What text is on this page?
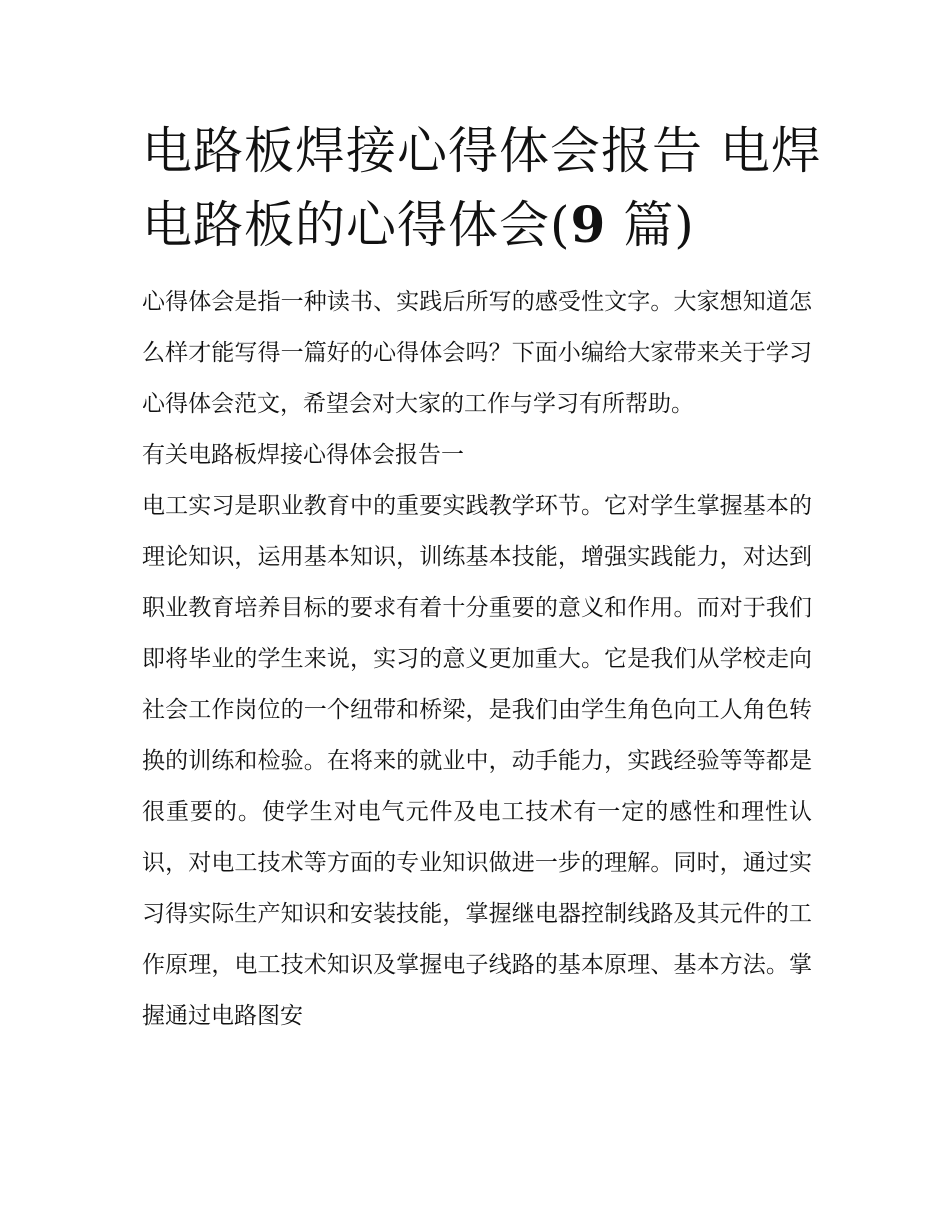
电路板焊接心得体会报告 电焊电路板的心得体会(9 篇)

心得体会是指一种读书、实践后所写的感受性文字。大家想知道怎么样才能写得一篇好的心得体会吗？下面小编给大家带来关于学习心得体会范文，希望会对大家的工作与学习有所帮助。

有关电路板焊接心得体会报告一

电工实习是职业教育中的重要实践教学环节。它对学生掌握基本的理论知识，运用基本知识，训练基本技能，增强实践能力，对达到职业教育培养目标的要求有着十分重要的意义和作用。而对于我们即将毕业的学生来说，实习的意义更加重大。它是我们从学校走向社会工作岗位的一个纽带和桥梁，是我们由学生角色向工人角色转换的训练和检验。在将来的就业中，动手能力，实践经验等等都是很重要的。使学生对电气元件及电工技术有一定的感性和理性认识，对电工技术等方面的专业知识做进一步的理解。同时，通过实习得实际生产知识和安装技能，掌握继电器控制线路及其元件的工作原理，电工技术知识及掌握电子线路的基本原理、基本方法。掌握通过电路图安
